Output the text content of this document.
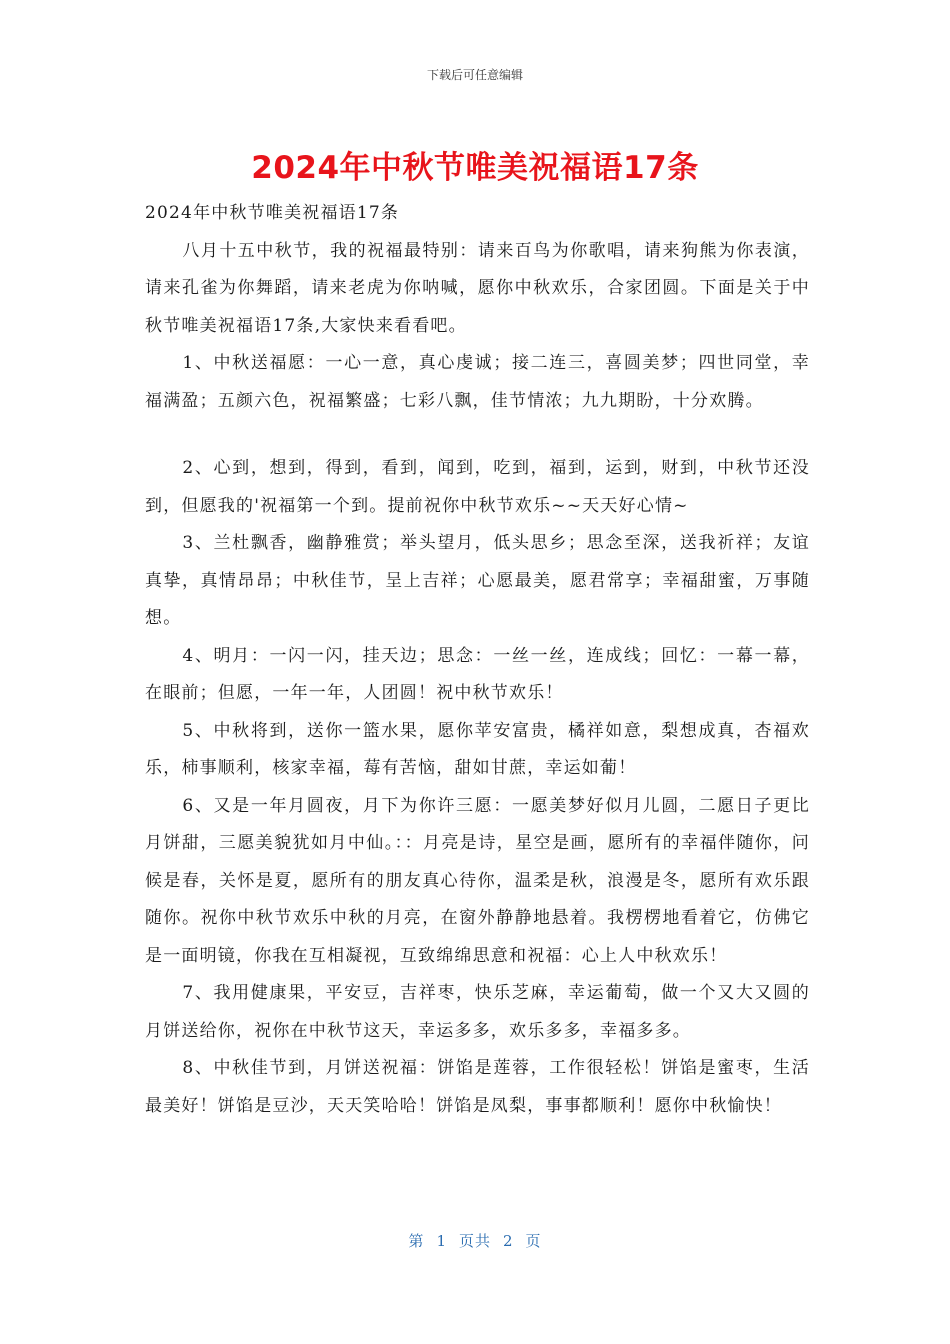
下载后可任意编辑
2024年中秋节唯美祝福语17条

2024年中秋节唯美祝福语17条

八月十五中秋节，我的祝福最特别：请来百鸟为你歌唱，请来狗熊为你表演，请来孔雀为你舞蹈，请来老虎为你呐喊，愿你中秋欢乐，合家团圆。下面是关于中秋节唯美祝福语17条,大家快来看看吧。

1、中秋送福愿：一心一意，真心虔诚；接二连三，喜圆美梦；四世同堂，幸福满盈；五颜六色，祝福繁盛；七彩八飘，佳节情浓；九九期盼，十分欢腾。

2、心到，想到，得到，看到，闻到，吃到，福到，运到，财到，中秋节还没到，但愿我的'祝福第一个到。提前祝你中秋节欢乐~~天天好心情~

3、兰杜飘香，幽静雅赏；举头望月，低头思乡；思念至深，送我祈祥；友谊真挚，真情昂昂；中秋佳节，呈上吉祥；心愿最美，愿君常享；幸福甜蜜，万事随想。

4、明月：一闪一闪，挂天边；思念：一丝一丝，连成线；回忆：一幕一幕，在眼前；但愿，一年一年，人团圆！祝中秋节欢乐！

5、中秋将到，送你一篮水果，愿你苹安富贵，橘祥如意，梨想成真，杏福欢乐，柿事顺利，核家幸福，莓有苦恼，甜如甘蔗，幸运如葡！

6、又是一年月圆夜，月下为你许三愿：一愿美梦好似月儿圆，二愿日子更比月饼甜，三愿美貌犹如月中仙。：：月亮是诗，星空是画，愿所有的幸福伴随你，问候是春，关怀是夏，愿所有的朋友真心待你，温柔是秋，浪漫是冬，愿所有欢乐跟随你。祝你中秋节欢乐中秋的月亮，在窗外静静地悬着。我楞楞地看着它，仿佛它是一面明镜，你我在互相凝视，互致绵绵思意和祝福：心上人中秋欢乐！

7、我用健康果，平安豆，吉祥枣，快乐芝麻，幸运葡萄，做一个又大又圆的月饼送给你，祝你在中秋节这天，幸运多多，欢乐多多，幸福多多。

8、中秋佳节到，月饼送祝福：饼馅是莲蓉，工作很轻松！饼馅是蜜枣，生活最美好！饼馅是豆沙，天天笑哈哈！饼馅是凤梨，事事都顺利！愿你中秋愉快！

第 1 页共 2 页
